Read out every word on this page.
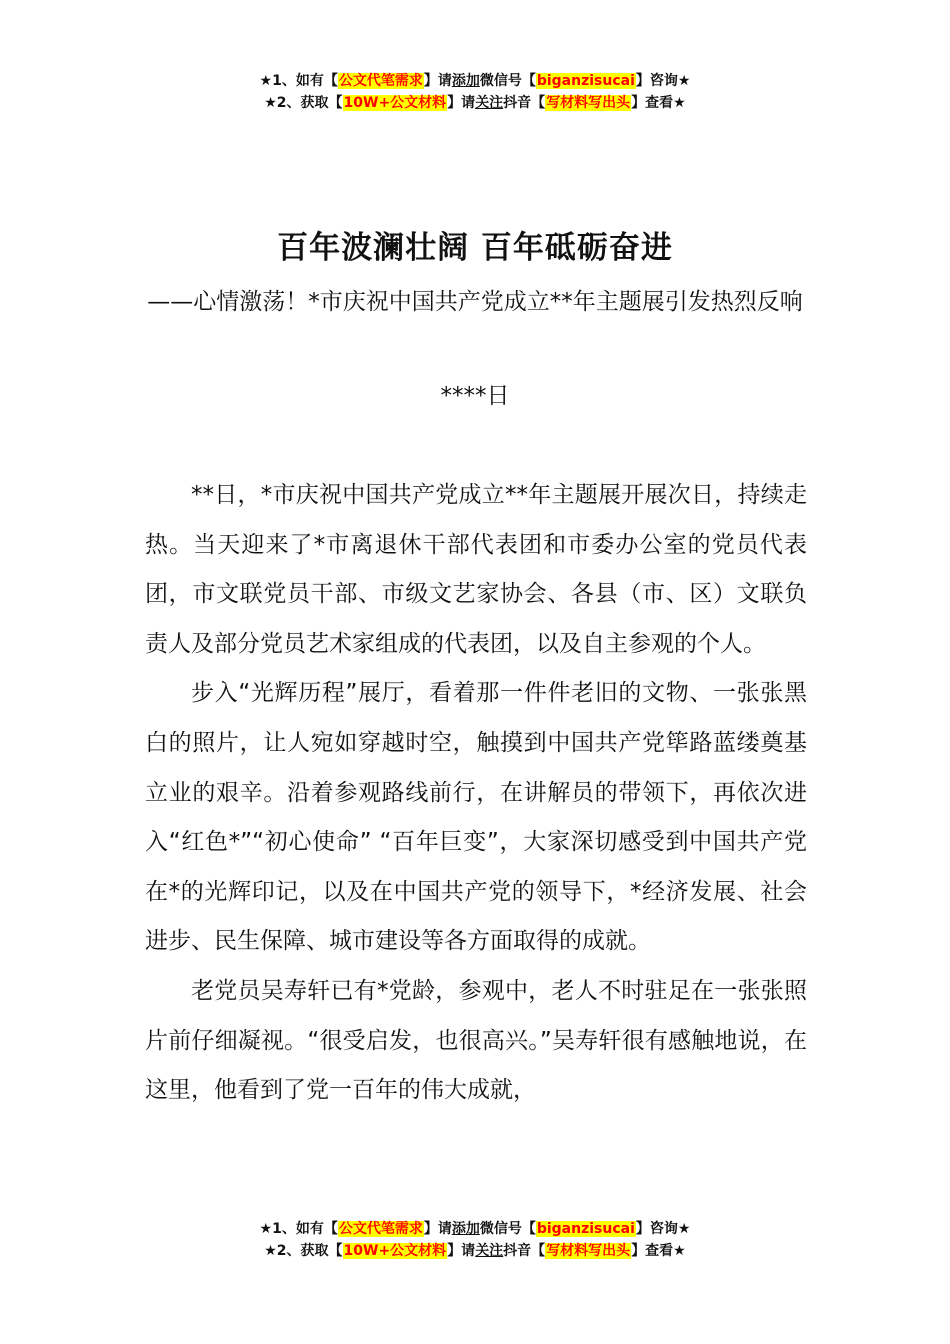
★1、如有【公文代笔需求】请添加微信号【biganzisucai】咨询★
★2、获取【10W+公文材料】请关注抖音【写材料写出头】查看★
百年波澜壮阔 百年砥砺奋进
——心情激荡！*市庆祝中国共产党成立**年主题展引发热烈反响
****日

**日，*市庆祝中国共产党成立**年主题展开展次日，持续走热。当天迎来了*市离退休干部代表团和市委办公室的党员代表团，市文联党员干部、市级文艺家协会、各县（市、区）文联负责人及部分党员艺术家组成的代表团，以及自主参观的个人。

步入“光辉历程”展厅，看着那一件件老旧的文物、一张张黑白的照片，让人宛如穿越时空，触摸到中国共产党筚路蓝缕奠基立业的艰辛。沿着参观路线前行，在讲解员的带领下，再依次进入“红色*”“初心使命” “百年巨变”，大家深切感受到中国共产党在*的光辉印记，以及在中国共产党的领导下，*经济发展、社会进步、民生保障、城市建设等各方面取得的成就。

老党员吴寿轩已有*党龄，参观中，老人不时驻足在一张张照片前仔细凝视。“很受启发，也很高兴。”吴寿轩很有感触地说，在这里，他看到了党一百年的伟大成就，

★1、如有【公文代笔需求】请添加微信号【biganzisucai】咨询★
★2、获取【10W+公文材料】请关注抖音【写材料写出头】查看★
